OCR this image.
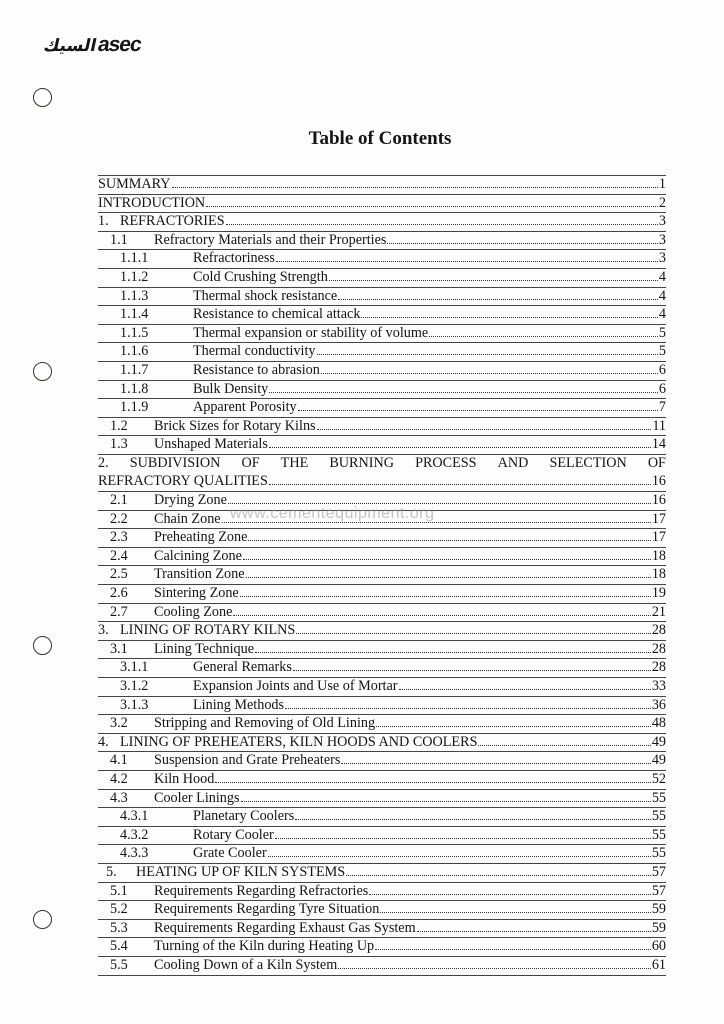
السيك
asec
Table of Contents
SUMMARY	1
INTRODUCTION	2
1. REFRACTORIES	3
1.1	Refractory Materials and their Properties	3
1.1.1	Refractoriness	3
1.1.2	Cold Crushing Strength	4
1.1.3	Thermal shock resistance	4
1.1.4	Resistance to chemical attack	4
1.1.5	Thermal expansion or stability of volume	5
1.1.6	Thermal conductivity	5
1.1.7	Resistance to abrasion	6
1.1.8	Bulk Density	6
1.1.9	Apparent Porosity	7
1.2	Brick Sizes for Rotary Kilns	11
1.3	Unshaped Materials	14
2. SUBDIVISION OF THE BURNING PROCESS AND SELECTION OF
REFRACTORY QUALITIES	16
2.1	Drying Zone	16
2.2	Chain Zone	17
2.3	Preheating Zone	17
2.4	Calcining Zone	18
2.5	Transition Zone	18
2.6	Sintering Zone	19
2.7	Cooling Zone	21
3. LINING OF ROTARY KILNS	28
3.1	Lining Technique	28
3.1.1	General Remarks	28
3.1.2	Expansion Joints and Use of Mortar	33
3.1.3	Lining Methods	36
3.2	Stripping and Removing of Old Lining	48
4. LINING OF PREHEATERS, KILN HOODS AND COOLERS	49
4.1	Suspension and Grate Preheaters	49
4.2	Kiln Hood	52
4.3	Cooler Linings	55
4.3.1	Planetary Coolers	55
4.3.2	Rotary Cooler	55
4.3.3	Grate Cooler	55
5.	HEATING UP OF KILN SYSTEMS	57
5.1	Requirements Regarding Refractories	57
5.2	Requirements Regarding Tyre Situation	59
5.3	Requirements Regarding Exhaust Gas System	59
5.4	Turning of the Kiln during Heating Up	60
5.5	Cooling Down of a Kiln System	61
www.cementequipment.org
